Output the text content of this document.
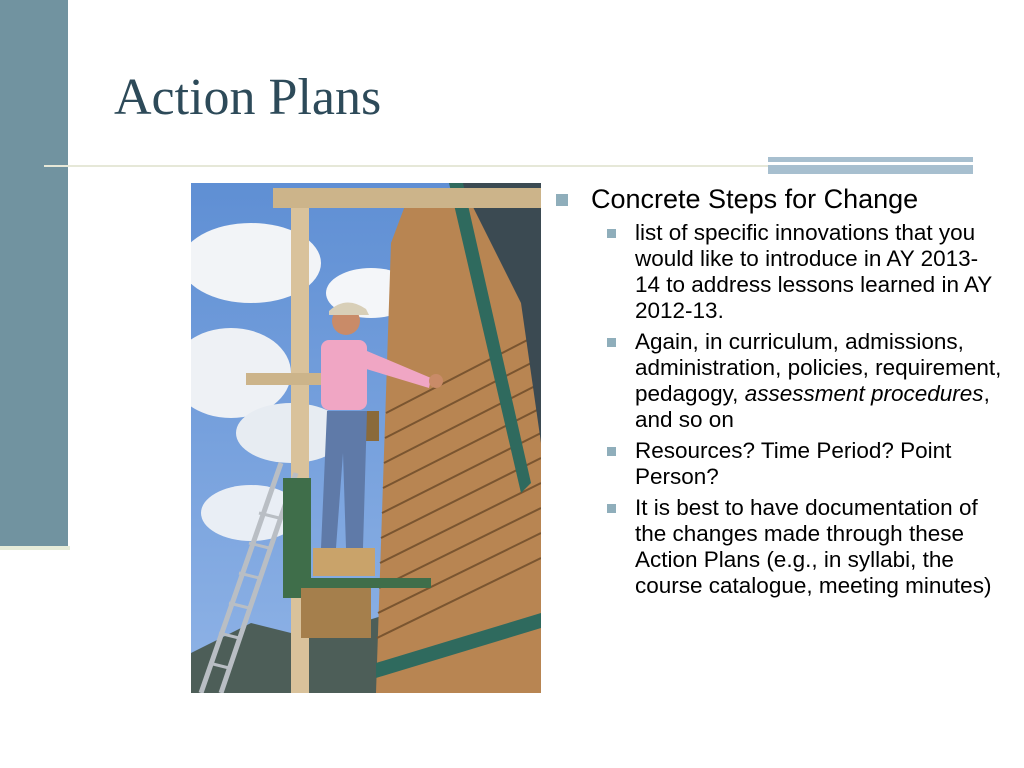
Action Plans
Concrete Steps for Change
list of specific innovations that you would like to introduce in AY 2013-14 to address lessons learned in AY 2012-13.
Again, in curriculum, admissions, administration, policies, requirement, pedagogy, assessment procedures, and so on
Resources? Time Period? Point Person?
It is best to have documentation of the changes made through these Action Plans (e.g., in syllabi, the course catalogue, meeting minutes)
